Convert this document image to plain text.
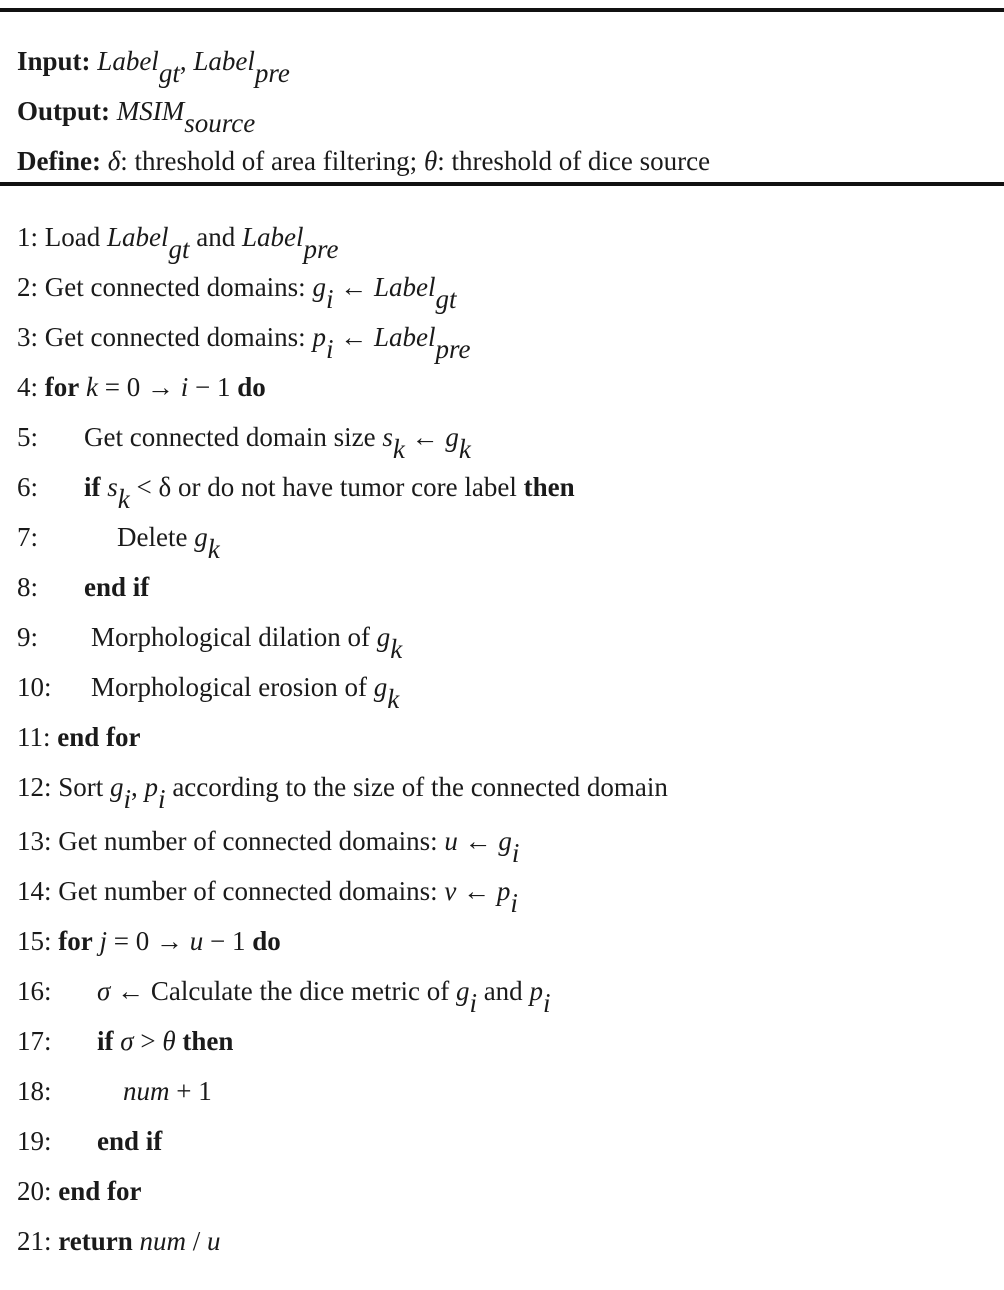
Input: Label$_{gt}$, Label$_{pre}$
Output: $MSIM_{source}$
Define: δ: threshold of area filtering; θ: threshold of dice source
1: Load Label$_{gt}$ and Label$_{pre}$
2: Get connected domains: $g_i$ ← Label$_{gt}$
3: Get connected domains: $p_i$ ← Label$_{pre}$
4: for k = 0 → i − 1 do
5: Get connected domain size $s_k$ ← $g_k$
6: if $s_k < \delta$ or do not have tumor core label then
7:	Delete $g_k$
8: end if
9: Morphological dilation of $g_k$
10: Morphological erosion of $g_k$
11: end for
12: Sort $g_i$, $p_i$ according to the size of the connected domain
13: Get number of connected domains: u ← $g_i$
14: Get number of connected domains: v ← $p_i$
15: for j = 0 → u − 1 do
16: σ ← Calculate the dice metric of $g_i$ and $p_i$
17: if σ > θ then
18:	num + 1
19: end if
20: end for
21: return num / u
